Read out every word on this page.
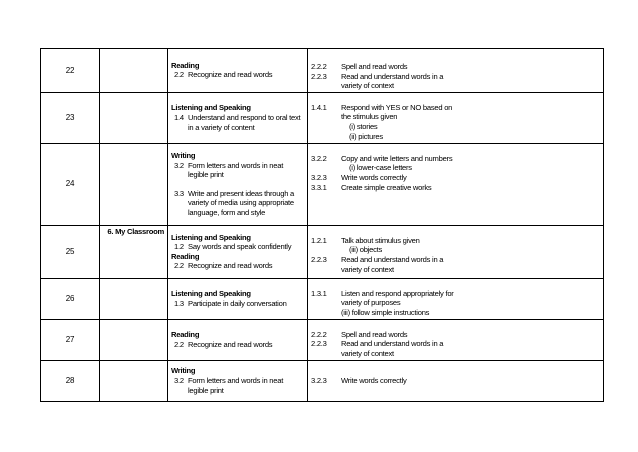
22		Reading
2.2 Recognize and read words	2.2.2 Spell and read words
2.2.3 Read and understand words in a
variety of context

23		Listening and Speaking
1.4 Understand and respond to oral text in a variety of content	1.4.1 Respond with YES or NO based on
the stimulus given
(i) stories
(ii) pictures

24		Writing
3.2 Form letters and words in neat legible print
3.3 Write and present ideas through a variety of media using appropriate language, form and style	3.2.2 Copy and write letters and numbers
(i) lower-case letters
3.2.3 Write words correctly
3.3.1 Create simple creative works

25	6. My Classroom	Listening and Speaking
1.2 Say words and speak confidently
Reading
2.2 Recognize and read words	1.2.1 Talk about stimulus given
(iii) objects
2.2.3 Read and understand words in a
variety of context

26		Listening and Speaking
1.3 Participate in daily conversation	1.3.1 Listen and respond appropriately for
variety of purposes
(iii) follow simple instructions

27		Reading
2.2 Recognize and read words	2.2.2 Spell and read words
2.2.3 Read and understand words in a
variety of context

28		Writing
3.2 Form letters and words in neat legible print	3.2.3 Write words correctly
